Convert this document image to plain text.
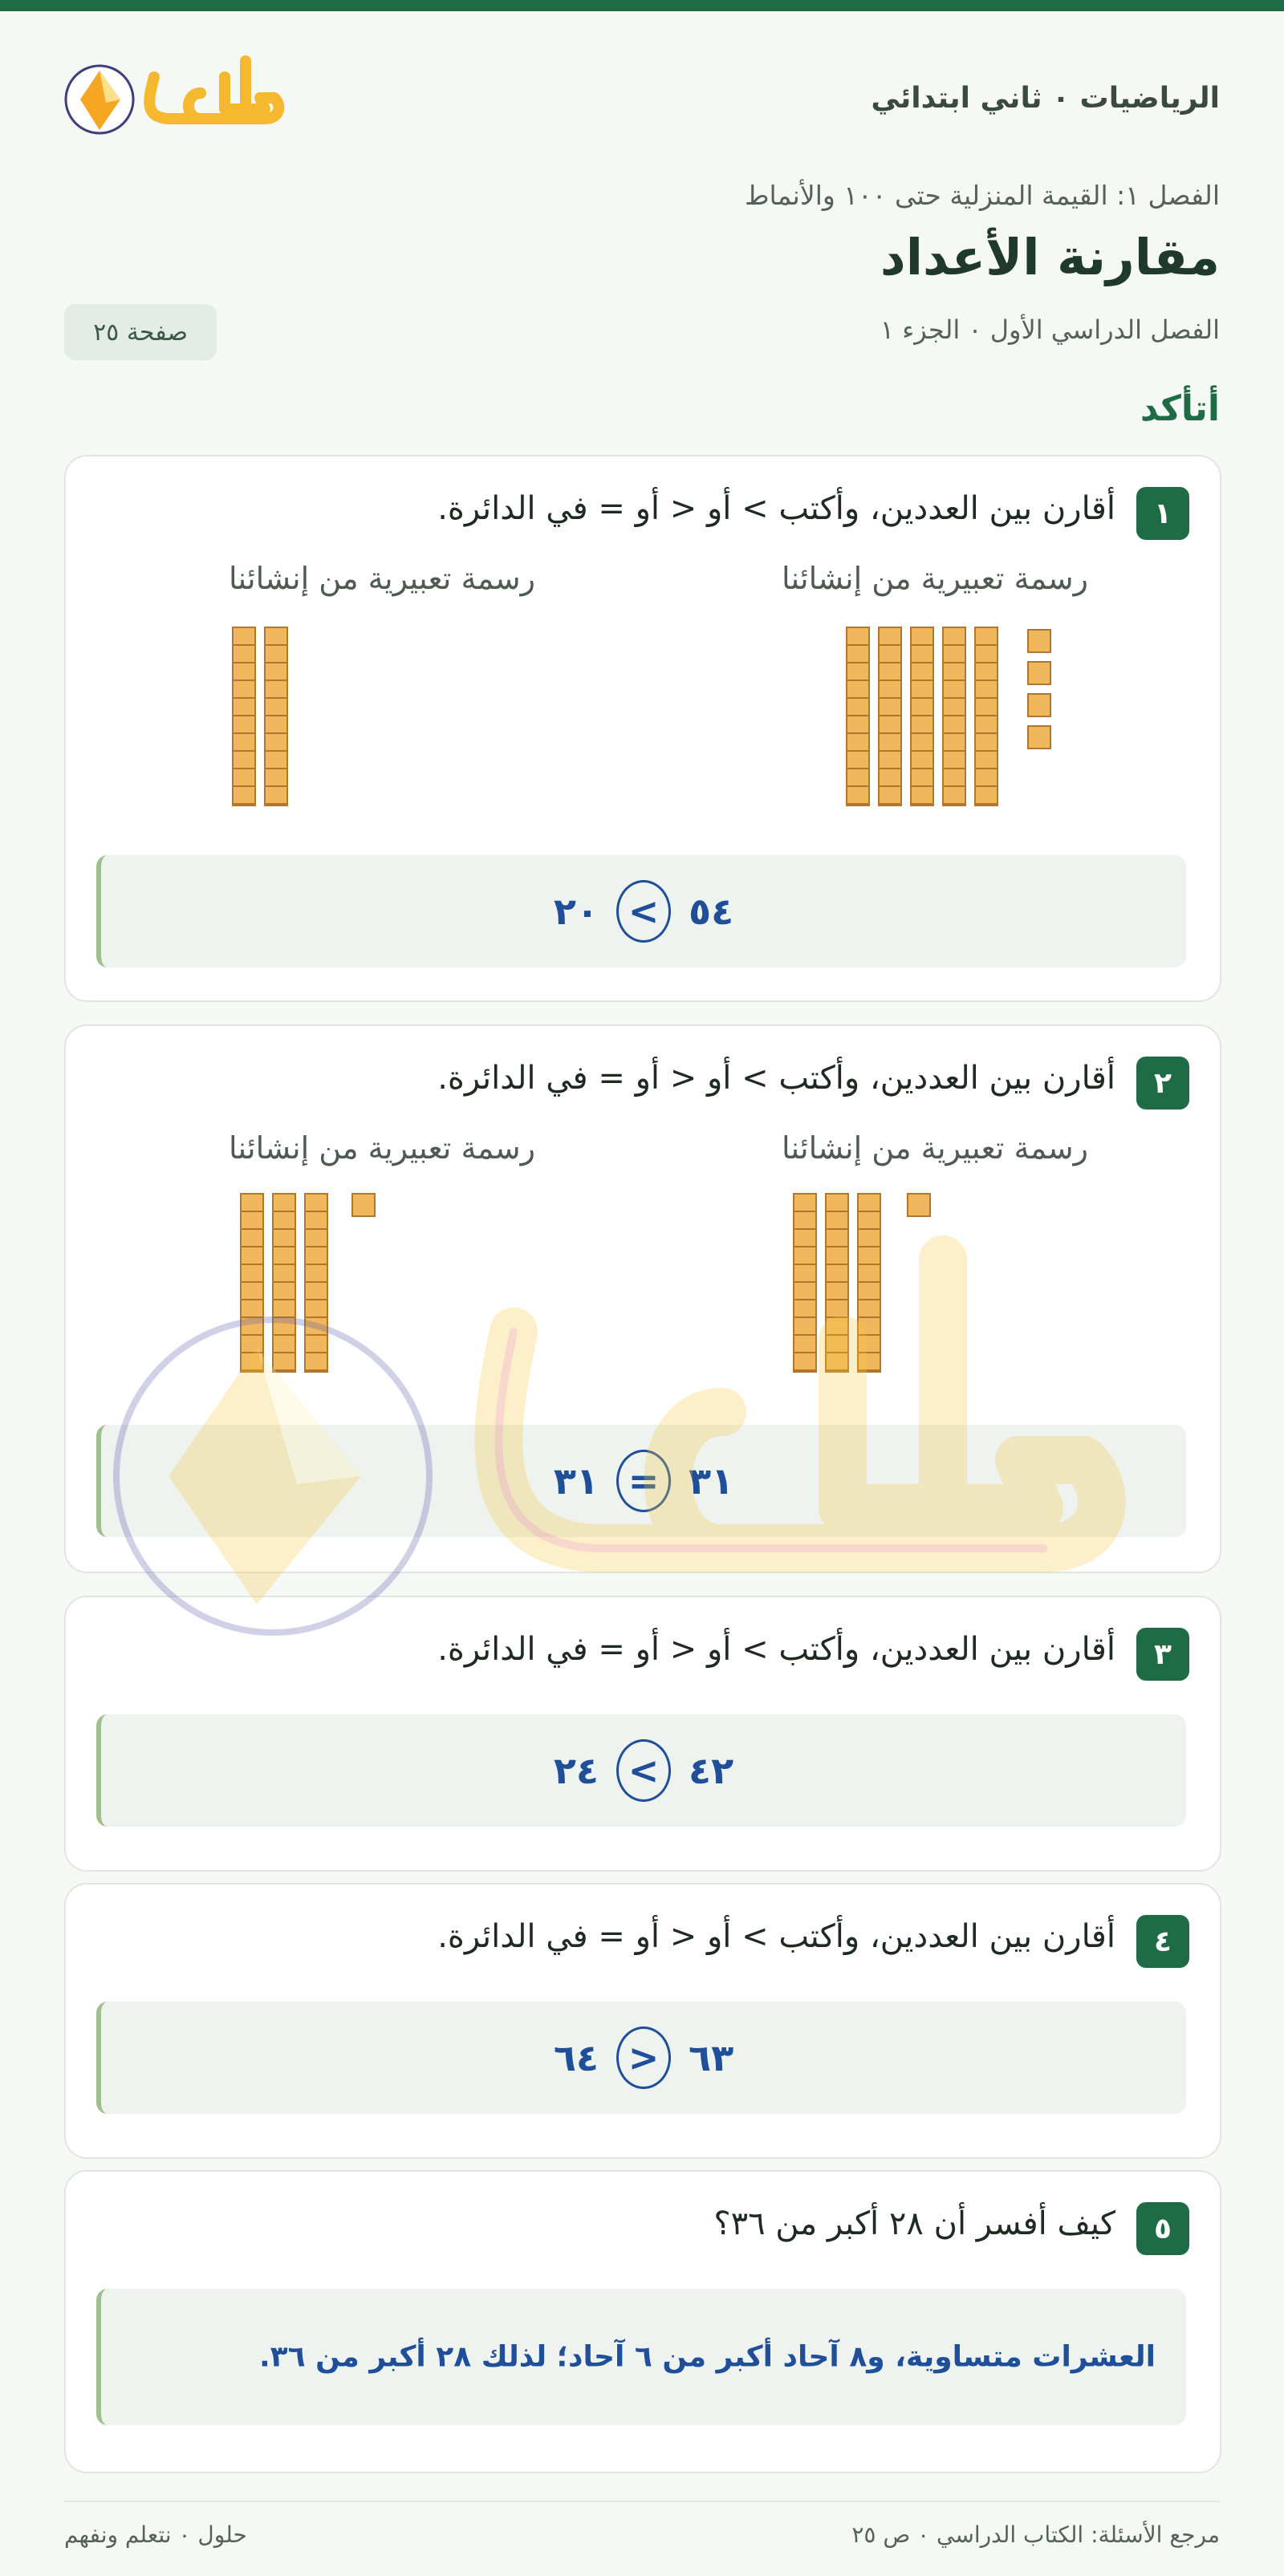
الرياضيات ٠ ثاني ابتدائي
الفصل ١: القيمة المنزلية حتى ١٠٠ والأنماط
مقارنة الأعداد
الفصل الدراسي الأول ٠ الجزء ١
صفحة ٢٥
أتأكد
١
أقارن بين العددين، وأكتب > أو < أو = في الدائرة.
رسمة تعبيرية من إنشائنا
رسمة تعبيرية من إنشائنا
٥٤
>
٢٠
٢
أقارن بين العددين، وأكتب > أو < أو = في الدائرة.
رسمة تعبيرية من إنشائنا
رسمة تعبيرية من إنشائنا
٣١
=
٣١
٣
أقارن بين العددين، وأكتب > أو < أو = في الدائرة.
٤٢
>
٢٤
٤
أقارن بين العددين، وأكتب > أو < أو = في الدائرة.
٦٣
<
٦٤
٥
كيف أفسر أن ٢٨ أكبر من ٣٦؟
العشرات متساوية، و٨ آحاد أكبر من ٦ آحاد؛ لذلك ٢٨ أكبر من ٣٦.
مرجع الأسئلة: الكتاب الدراسي ٠ ص ٢٥
حلول ٠ نتعلم ونفهم
